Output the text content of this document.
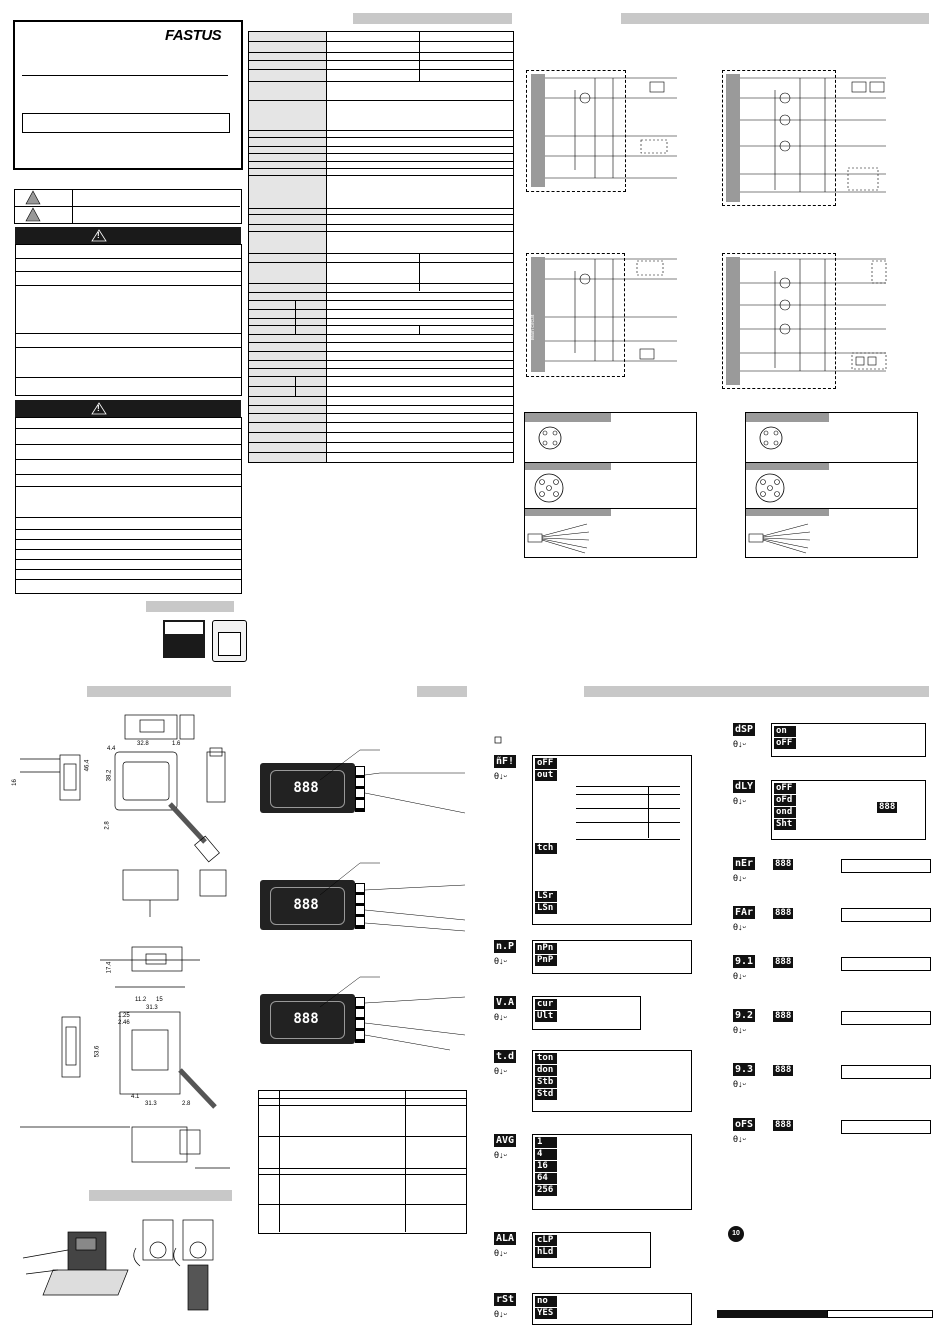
FASTUS
!
!
Main circuit
32.8	1.6
4.4
38.2
2.8
16
46.4
17.4
11.2 15
31.3
1.25
2.46
53.6
4.1
2.8
31.3
888
888
888
ñF!
θ↓ᵕ
oFF
out
tch
LSr
LSn
n.P
θ↓ᵕ
nPn
PnP
V.A
θ↓ᵕ
cur
Ult
t.d
θ↓ᵕ
ton
don
Stb
Std
AVG
θ↓ᵕ
1
4
16
64
256
ALA
θ↓ᵕ
cLP
hLd
rSt
θ↓ᵕ
no
YES
dSP
θ↓ᵕ
on
oFF
dLY
θ↓ᵕ
oFF
oFd
ond
Sht
888
nEr
θ↓ᵕ
888
FAr
θ↓ᵕ
888
9.1
θ↓ᵕ
888
9.2
θ↓ᵕ
888
9.3
θ↓ᵕ
888
oFS
θ↓ᵕ
888
10
